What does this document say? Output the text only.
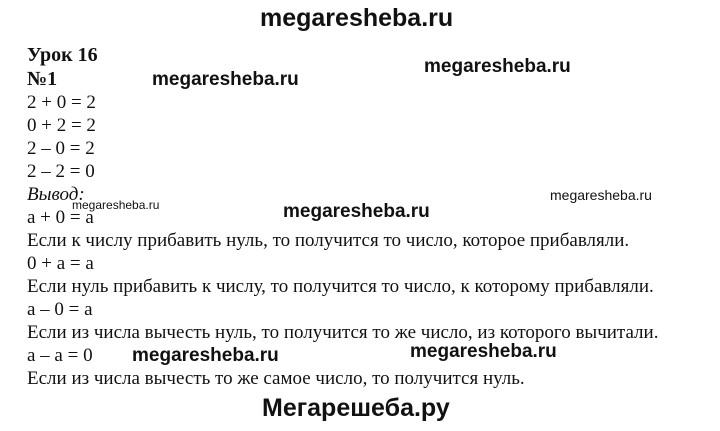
megaresheba.ru
Урок 16
№1
2 + 0 = 2
0 + 2 = 2
2 – 0 = 2
2 – 2 = 0
Вывод:
a + 0 = a
Если к числу прибавить нуль, то получится то число, которое прибавляли.
0 + a = a
Если нуль прибавить к числу, то получится то число, к которому прибавляли.
a – 0 = a
Если из числа вычесть нуль, то получится то же число, из которого вычитали.
a – a = 0
Если из числа вычесть то же самое число, то получится нуль.
megaresheba.ru
megaresheba.ru
megaresheba.ru
megaresheba.ru	megaresheba.ru
megaresheba.ru	megaresheba.ru
Мегарешеба.ру
